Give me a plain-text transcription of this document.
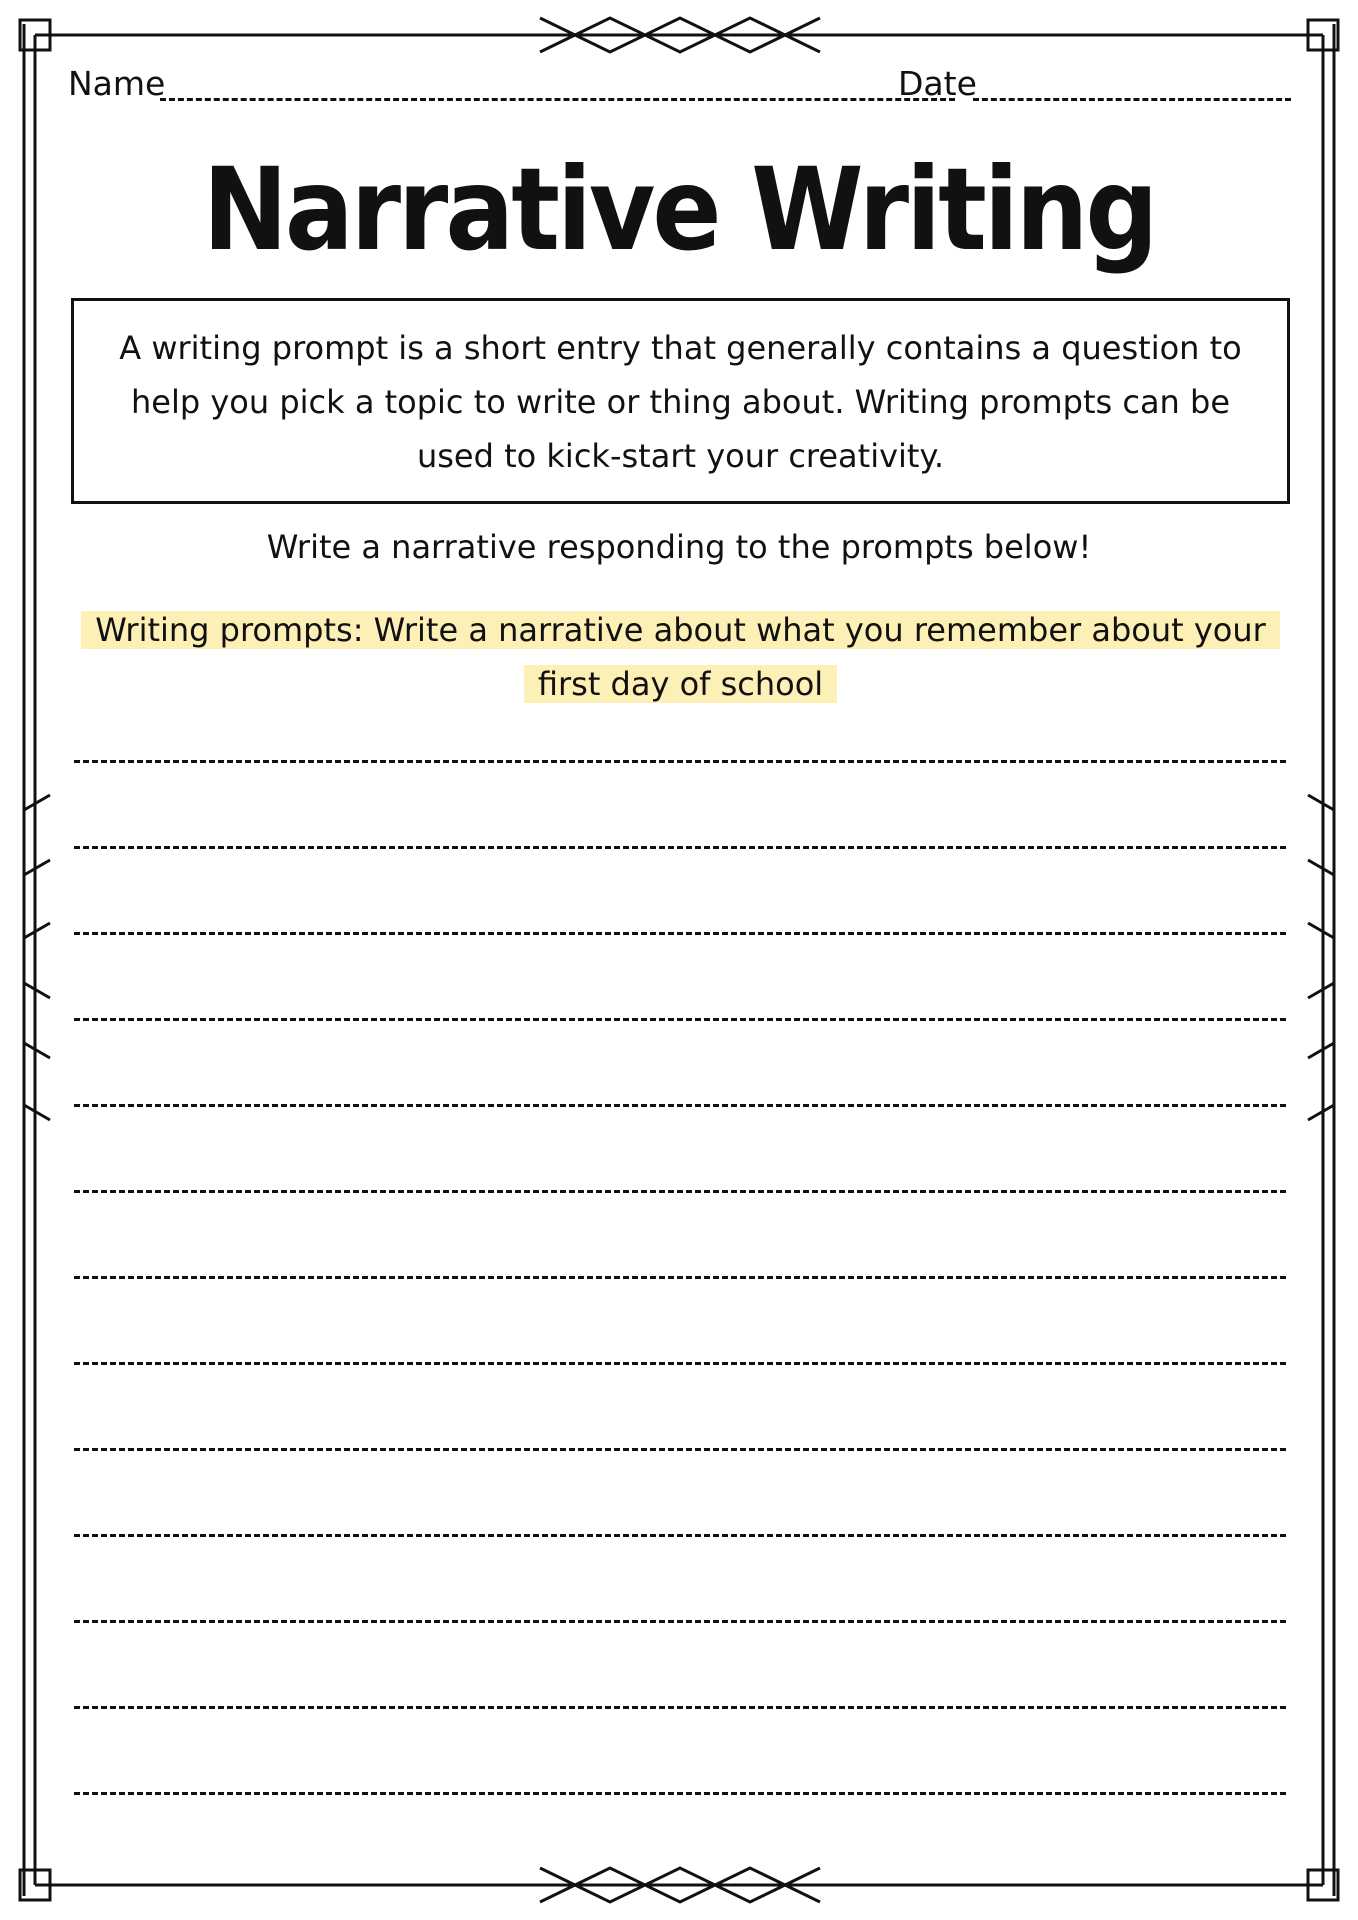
Name	Date
Narrative Writing
A writing prompt is a short entry that generally contains a question to help you pick a topic to write or thing about. Writing prompts can be used to kick-start your creativity.
Write a narrative responding to the prompts below!
Writing prompts: Write a narrative about what you remember about your first day of school
